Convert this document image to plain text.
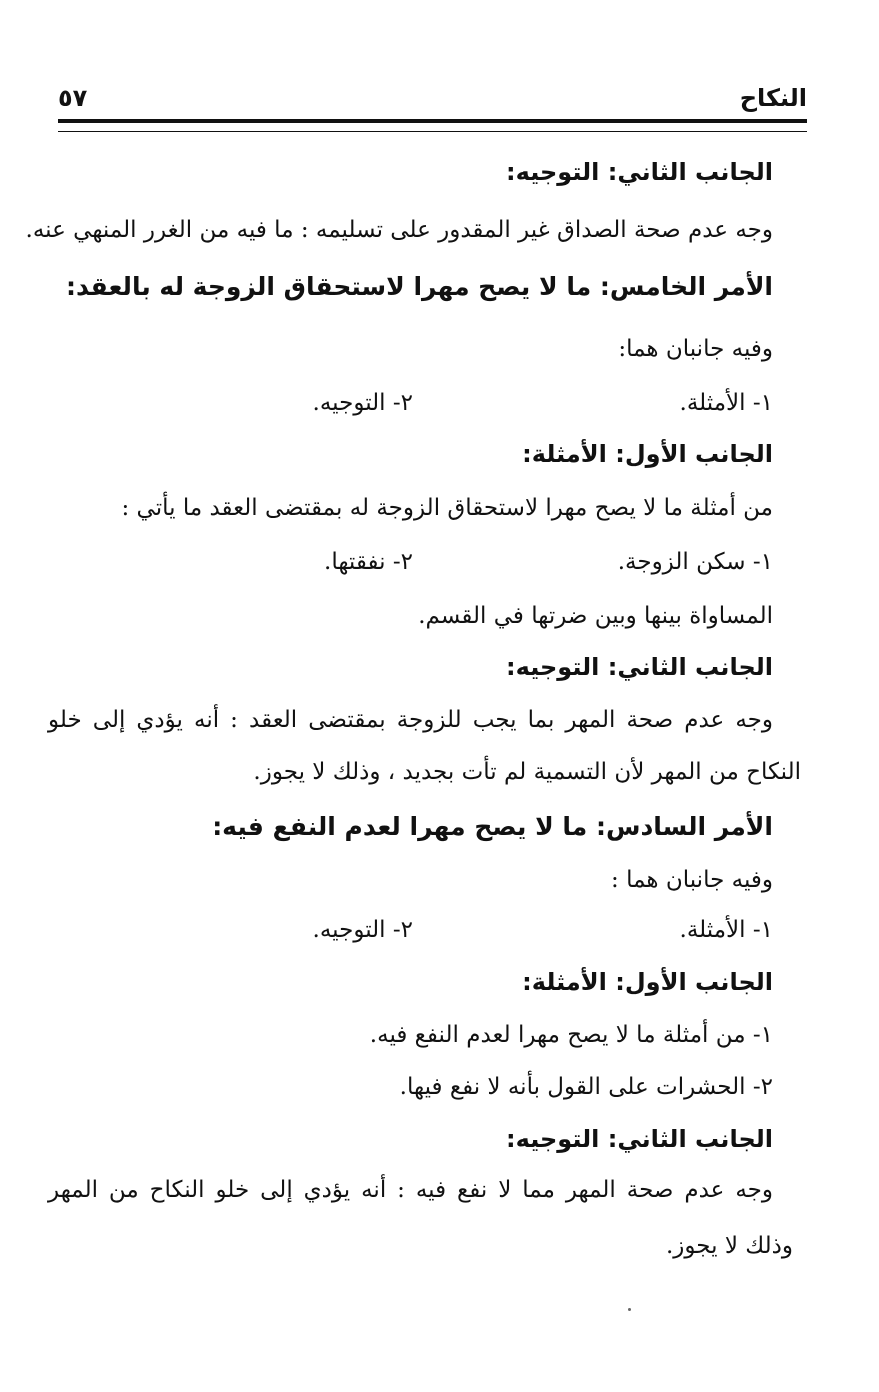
النكاح
٥٧
الجانب الثاني: التوجيه:
وجه عدم صحة الصداق غير المقدور على تسليمه : ما فيه من الغرر المنهي عنه.
الأمر الخامس: ما لا يصح مهرا لاستحقاق الزوجة له بالعقد:
وفيه جانبان هما:
١- الأمثلة.
٢- التوجيه.
الجانب الأول: الأمثلة:
من أمثلة ما لا يصح مهرا لاستحقاق الزوجة له بمقتضى العقد ما يأتي :
١- سكن الزوجة.
٢- نفقتها.
المساواة بينها وبين ضرتها في القسم.
الجانب الثاني: التوجيه:
وجه عدم صحة المهر بما يجب للزوجة بمقتضى العقد : أنه يؤدي إلى خلو
النكاح من المهر لأن التسمية لم تأت بجديد ، وذلك لا يجوز.
الأمر السادس: ما لا يصح مهرا لعدم النفع فيه:
وفيه جانبان هما :
١- الأمثلة.
٢- التوجيه.
الجانب الأول: الأمثلة:
١- من أمثلة ما لا يصح مهرا لعدم النفع فيه.
٢- الحشرات على القول بأنه لا نفع فيها.
الجانب الثاني: التوجيه:
وجه عدم صحة المهر مما لا نفع فيه : أنه يؤدي إلى خلو النكاح من المهر
وذلك لا يجوز.
